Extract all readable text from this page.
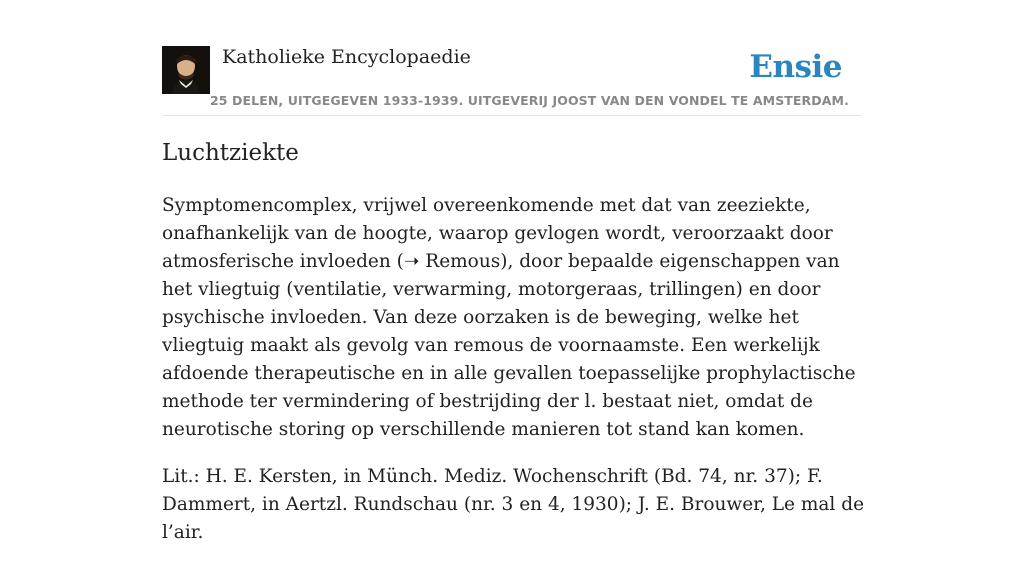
Katholieke Encyclopaedie	Ensie
25 DELEN, UITGEGEVEN 1933-1939. UITGEVERIJ JOOST VAN DEN VONDEL TE AMSTERDAM.
Luchtziekte

Symptomencomplex, vrijwel overeenkomende met dat van zeeziekte, onafhankelijk van de hoogte, waarop gevlogen wordt, veroorzaakt door atmosferische invloeden (➝ Remous), door bepaalde eigenschappen van het vliegtuig (ventilatie, verwarming, motorgeraas, trillingen) en door psychische invloeden. Van deze oorzaken is de beweging, welke het vliegtuig maakt als gevolg van remous de voornaamste. Een werkelijk afdoende therapeutische en in alle gevallen toepasselijke prophylactische methode ter vermindering of bestrijding der l. bestaat niet, omdat de neurotische storing op verschillende manieren tot stand kan komen.

Lit.: H. E. Kersten, in Münch. Mediz. Wochenschrift (Bd. 74, nr. 37); F. Dammert, in Aertzl. Rundschau (nr. 3 en 4, 1930); J. E. Brouwer, Le mal de l’air.
